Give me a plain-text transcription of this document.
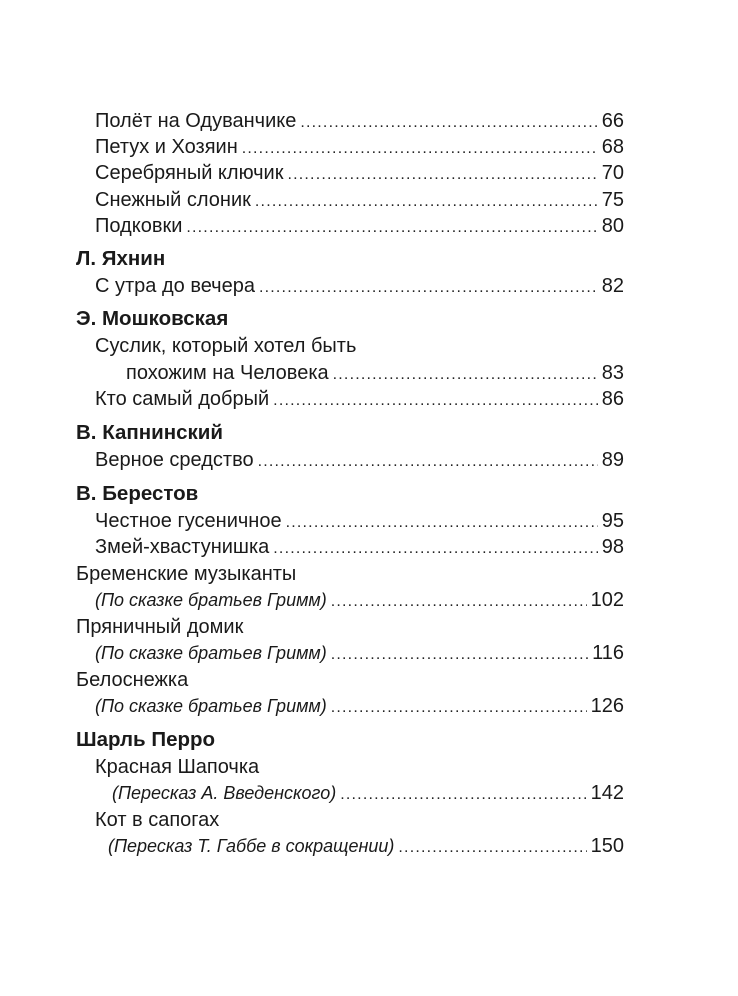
Полёт на Одуванчике .....	66
Петух и Хозяин .....	68
Серебряный ключик .....	70
Снежный слоник .....	75
Подковки .....	80
Л. Яхнин
С утра до вечера .....	82
Э. Мошковская
Суслик, который хотел быть
похожим на Человека .....	83
Кто самый добрый .....	86
В. Капнинский
Верное средство .....	89
В. Берестов
Честное гусеничное .....	95
Змей-хвастунишка .....	98
Бременские музыканты
(По сказке братьев Гримм) .....	102
Пряничный домик
(По сказке братьев Гримм) .....	116
Белоснежка
(По сказке братьев Гримм) .....	126
Шарль Перро
Красная Шапочка
(Пересказ А. Введенского) .....	142
Кот в сапогах
(Пересказ Т. Габбе в сокращении) .....	150
